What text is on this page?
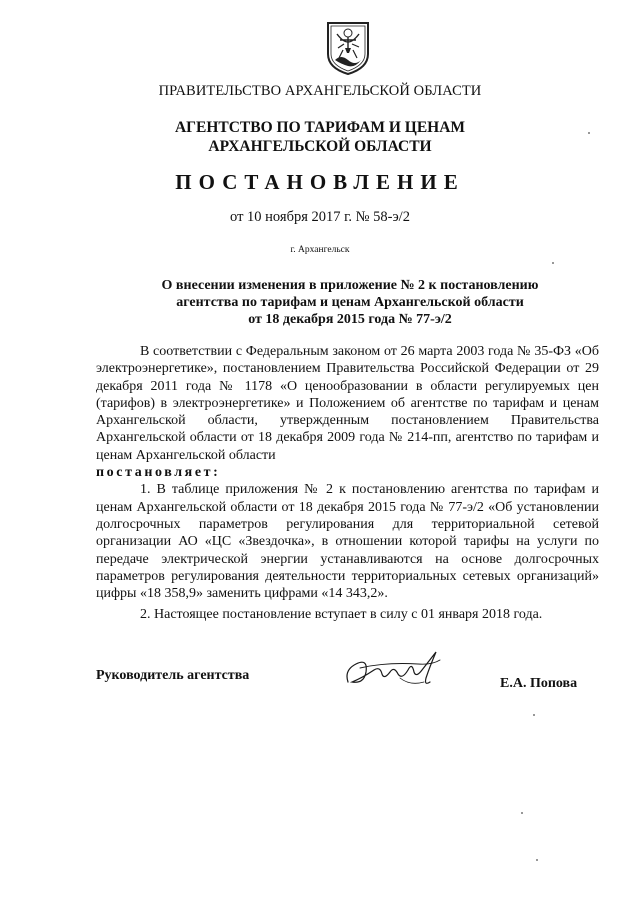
ПРАВИТЕЛЬСТВО АРХАНГЕЛЬСКОЙ ОБЛАСТИ
АГЕНТСТВО ПО ТАРИФАМ И ЦЕНАМ
АРХАНГЕЛЬСКОЙ ОБЛАСТИ
ПОСТАНОВЛЕНИЕ
от 10 ноября 2017 г. № 58-э/2
г. Архангельск
О внесении изменения в приложение № 2 к постановлению
агентства по тарифам и ценам Архангельской области
от 18 декабря 2015 года № 77-э/2

В соответствии с Федеральным законом от 26 марта 2003 года № 35-ФЗ «Об электроэнергетике», постановлением Правительства Российской Федерации от 29 декабря 2011 года № 1178 «О ценообразовании в области регулируемых цен (тарифов) в электроэнергетике» и Положением об агентстве по тарифам и ценам Архангельской области, утвержденным постановлением Правительства Архангельской области от 18 декабря 2009 года № 214-пп, агентство по тарифам и ценам Архангельской области

постановляет:

1. В таблице приложения № 2 к постановлению агентства по тарифам и ценам Архангельской области от 18 декабря 2015 года № 77-э/2 «Об установлении долгосрочных параметров регулирования для территориальной сетевой организации АО «ЦС «Звездочка», в отношении которой тарифы на услуги по передаче электрической энергии устанавливаются на основе долгосрочных параметров регулирования деятельности территориальных сетевых организаций» цифры «18 358,9» заменить цифрами «14 343,2».

2. Настоящее постановление вступает в силу с 01 января 2018 года.

Руководитель агентства
Е.А. Попова
